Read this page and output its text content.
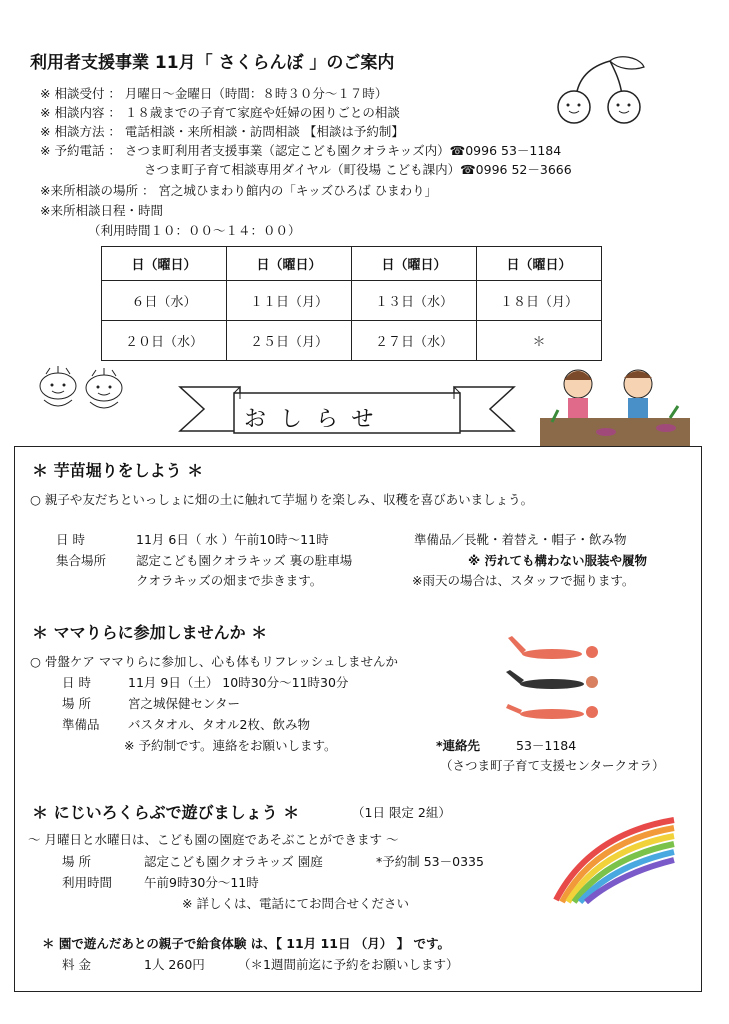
利用者支援事業 11月「 さくらんぼ 」のご案内
※ 相談受付 ： 月曜日～金曜日（時間：８時３０分～１７時）
※ 相談内容 ： １８歳までの子育て家庭や妊婦の困りごとの相談
※ 相談方法 ： 電話相談・来所相談・訪問相談 【相談は予約制】
※ 予約電話 ： さつま町利用者支援事業（認定こども園クオラキッズ内）☎0996 53－1184
さつま町子育て相談専用ダイヤル（町役場 こども課内）☎0996 52－3666
※来所相談の場所 ： 宮之城ひまわり館内の「キッズひろば ひまわり」
※来所相談日程・時間
（利用時間１０：００～１４：００）
日（曜日）	日（曜日）	日（曜日）	日（曜日）
６日（水）	１１日（月）	１３日（水）	１８日（月）
２０日（水）	２５日（月）	２７日（水）	＊
おしらせ
＊ 芋苗堀りをしよう ＊
○ 親子や友だちといっしょに畑の土に触れて芋堀りを楽しみ、収穫を喜びあいましょう。
日 時	11月 6日（ 水 ）午前10時～11時	準備品／長靴・着替え・帽子・飲み物
集合場所 認定こども園クオラキッズ 裏の駐車場	※ 汚れても構わない服装や履物
クオラキッズの畑まで歩きます。	※雨天の場合は、スタッフで掘ります。
＊ ママりらに参加しませんか ＊
○ 骨盤ケア ママりらに参加し、心も体もリフレッシュしませんか
日 時	11月 9日（土） 10時30分～11時30分
場 所	宮之城保健センター
準備品 バスタオル、タオル2枚、飲み物
※ 予約制です。連絡をお願いします。	*連絡先	53－1184
（さつま町子育て支援センタークオラ）
＊ にじいろくらぶで遊びましょう ＊	（1日 限定 2組）
～ 月曜日と水曜日は、こども園の園庭であそぶことができます ～
場 所	認定こども園クオラキッズ 園庭	*予約制 53－0335
利用時間	午前9時30分～11時
※ 詳しくは、電話にてお問合せください
＊ 園で遊んだあとの親子で給食体験 は、【 11月 11日 （月） 】 です。
料 金	1人 260円	（＊1週間前迄に予約をお願いします）
